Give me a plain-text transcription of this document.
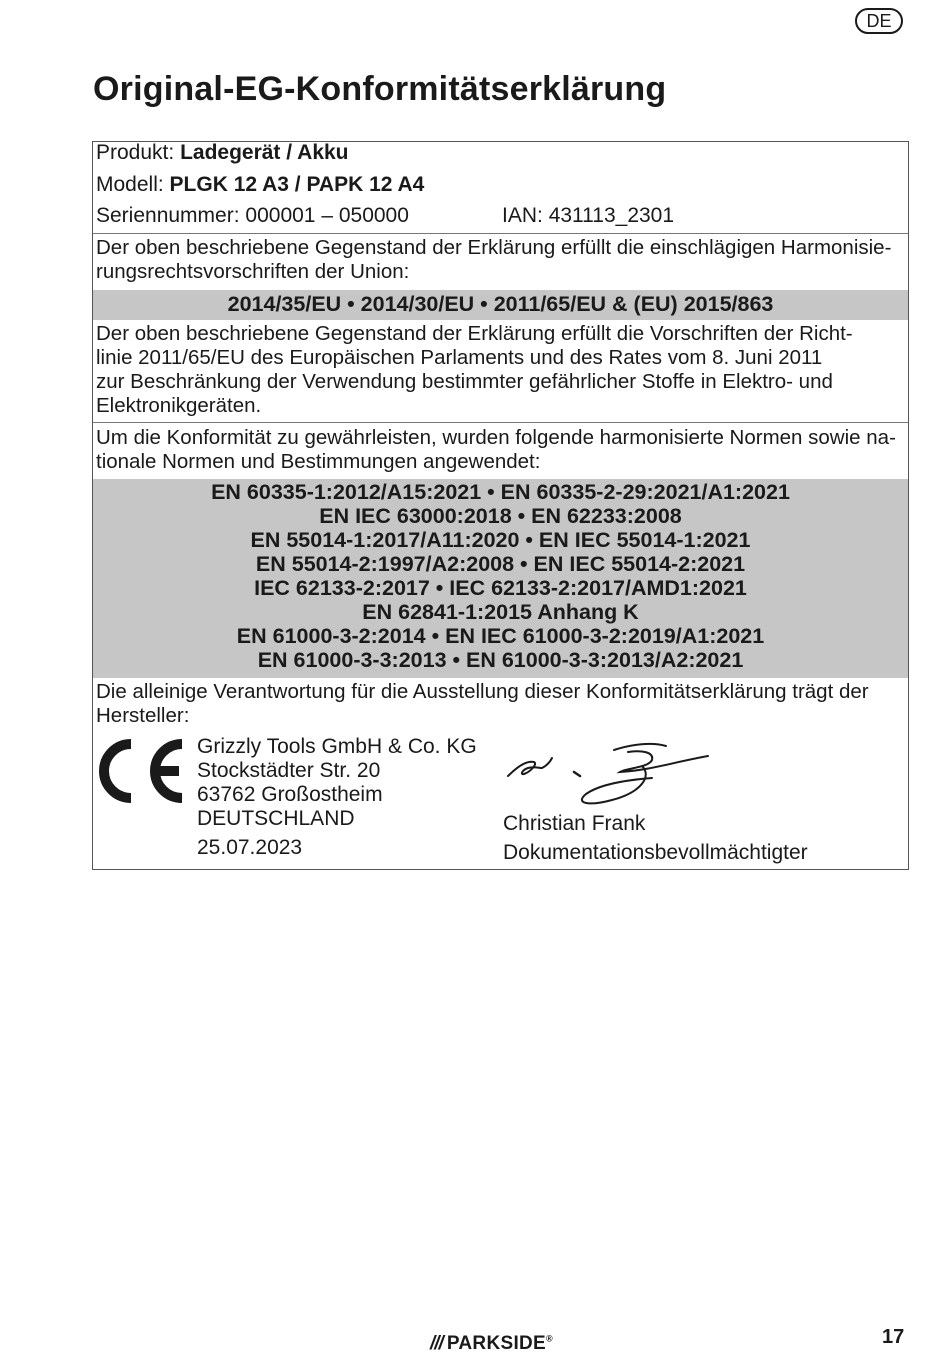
DE
Original-EG-Konformitätserklärung
Produkt: Ladegerät / Akku
Modell: PLGK 12 A3 / PAPK 12 A4
Seriennummer: 000001 – 050000	IAN: 431113_2301

Der oben beschriebene Gegenstand der Erklärung erfüllt die einschlägigen Harmonisie-
rungsrechtsvorschriften der Union:

2014/35/EU • 2014/30/EU • 2011/65/EU & (EU) 2015/863

Der oben beschriebene Gegenstand der Erklärung erfüllt die Vorschriften der Richt-
linie 2011/65/EU des Europäischen Parlaments und des Rates vom 8. Juni 2011
zur Beschränkung der Verwendung bestimmter gefährlicher Stoffe in Elektro- und
Elektronikgeräten.

Um die Konformität zu gewährleisten, wurden folgende harmonisierte Normen sowie na-
tionale Normen und Bestimmungen angewendet:

EN 60335-1:2012/A15:2021 • EN 60335-2-29:2021/A1:2021
EN IEC 63000:2018 • EN 62233:2008
EN 55014-1:2017/A11:2020 • EN IEC 55014-1:2021
EN 55014-2:1997/A2:2008 • EN IEC 55014-2:2021
IEC 62133-2:2017 • IEC 62133-2:2017/AMD1:2021
EN 62841-1:2015 Anhang K
EN 61000-3-2:2014 • EN IEC 61000-3-2:2019/A1:2021
EN 61000-3-3:2013 • EN 61000-3-3:2013/A2:2021

Die alleinige Verantwortung für die Ausstellung dieser Konformitätserklärung trägt der
Hersteller:

Grizzly Tools GmbH & Co. KG
Stockstädter Str. 20
63762 Großostheim
DEUTSCHLAND
25.07.2023
Christian Frank
Dokumentationsbevollmächtigter
/// PARKSIDE®	17
